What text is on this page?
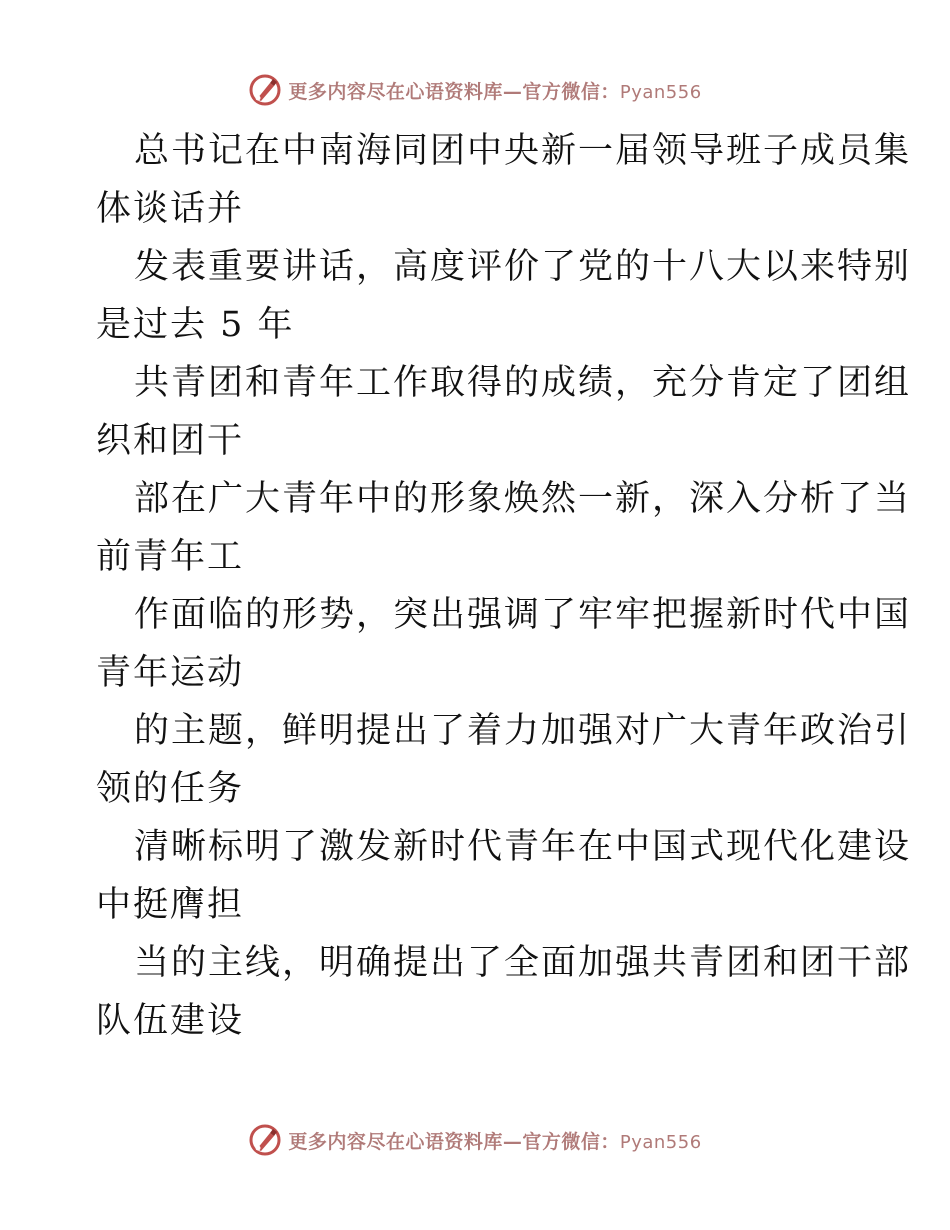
更多内容尽在心语资料库—官方微信：Pyan556

总书记在中南海同团中央新一届领导班子成员集
体谈话并

发表重要讲话，高度评价了党的十八大以来特别
是过去 5 年

共青团和青年工作取得的成绩，充分肯定了团组
织和团干

部在广大青年中的形象焕然一新，深入分析了当
前青年工

作面临的形势，突出强调了牢牢把握新时代中国
青年运动

的主题，鲜明提出了着力加强对广大青年政治引
领的任务

清晰标明了激发新时代青年在中国式现代化建设
中挺膺担

当的主线，明确提出了全面加强共青团和团干部
队伍建设

更多内容尽在心语资料库—官方微信：Pyan556
